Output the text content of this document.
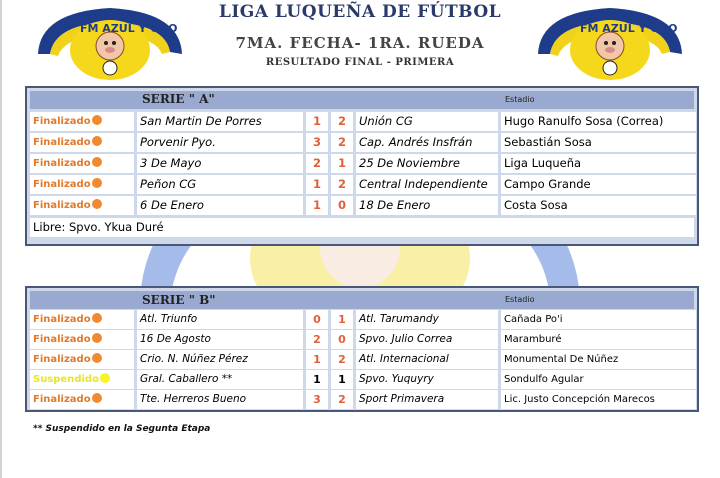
FM AZUL Y ORO	FM AZUL Y ORO
LIGA LUQUEÑA DE FÚTBOL
7MA. FECHA- 1RA. RUEDA
RESULTADO FINAL - PRIMERA
SERIE " A"	Estadio
Finalizado	San Martin De Porres	1	2	Unión CG	Hugo Ranulfo Sosa (Correa)
Finalizado	Porvenir Pyo.	3	2	Cap. Andrés Insfrán	Sebastián Sosa
Finalizado	3 De Mayo	2	1	25 De Noviembre	Liga Luqueña
Finalizado	Peñon CG	1	2	Central Independiente	Campo Grande
Finalizado	6 De Enero	1	0	18 De Enero	Costa Sosa
Libre: Spvo. Ykua Duré
SERIE " B"	Estadio
Finalizado	Atl. Triunfo	0	1	Atl. Tarumandy	Cañada Po'i
Finalizado	16 De Agosto	2	0	Spvo. Julio Correa	Maramburé
Finalizado	Crio. N. Núñez Pérez	1	2	Atl. Internacional	Monumental De Núñez
Suspendido	Gral. Caballero **	1	1	Spvo. Yuquyry	Sondulfo Agular
Finalizado	Tte. Herreros Bueno	3	2	Sport Primavera	Lic. Justo Concepción Marecos
** Suspendido en la Segunta Etapa
